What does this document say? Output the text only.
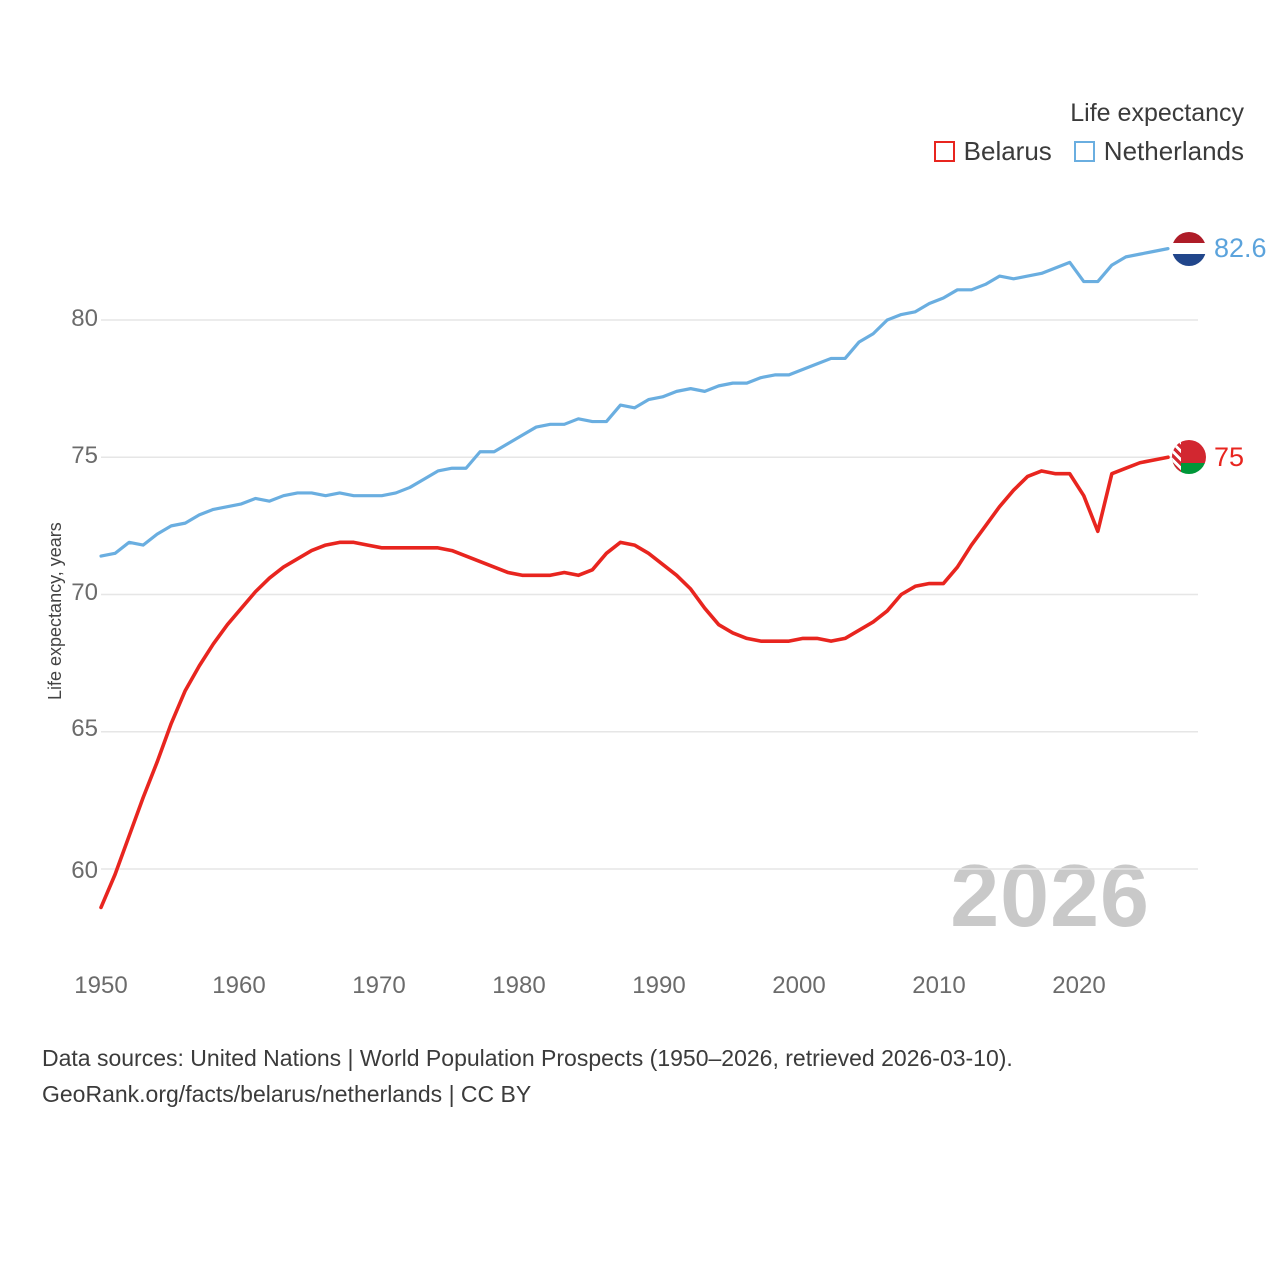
Life expectancy
Belarus Netherlands
Life expectancy, years
60
65
70
75
80
1950	1960	1970	1980	1990	2000	2010	2020
2026
82.6
75
Data sources: United Nations | World Population Prospects (1950–2026, retrieved 2026-03-10).
GeoRank.org/facts/belarus/netherlands | CC BY
